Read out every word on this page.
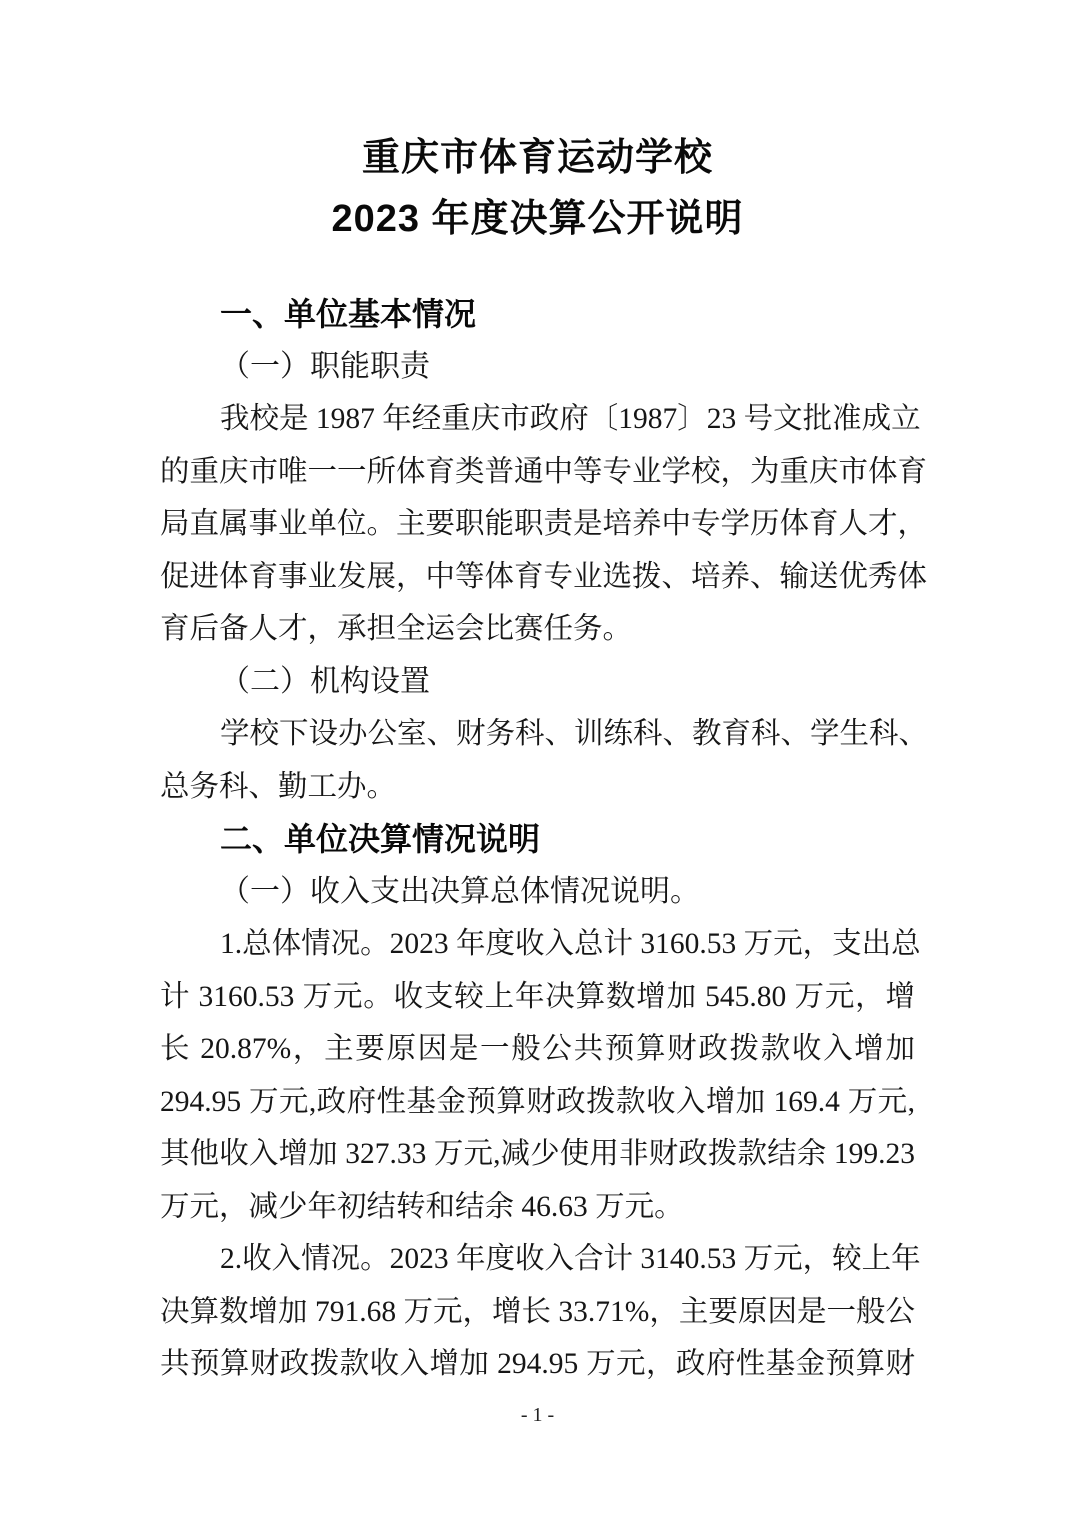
重庆市体育运动学校
2023 年度决算公开说明
一、单位基本情况
（一）职能职责
我校是 1987 年经重庆市政府〔1987〕23 号文批准成立
的重庆市唯一一所体育类普通中等专业学校，为重庆市体育
局直属事业单位。主要职能职责是培养中专学历体育人才，
促进体育事业发展，中等体育专业选拨、培养、输送优秀体
育后备人才，承担全运会比赛任务。
（二）机构设置
学校下设办公室、财务科、训练科、教育科、学生科、
总务科、勤工办。
二、单位决算情况说明
（一）收入支出决算总体情况说明。
1.总体情况。2023 年度收入总计 3160.53 万元，支出总
计 3160.53 万元。收支较上年决算数增加 545.80 万元，增
长 20.87%，主要原因是一般公共预算财政拨款收入增加
294.95 万元,政府性基金预算财政拨款收入增加 169.4 万元,
其他收入增加 327.33 万元,减少使用非财政拨款结余 199.23
万元，减少年初结转和结余 46.63 万元。
2.收入情况。2023 年度收入合计 3140.53 万元，较上年
决算数增加 791.68 万元，增长 33.71%，主要原因是一般公
共预算财政拨款收入增加 294.95 万元，政府性基金预算财
- 1 -
